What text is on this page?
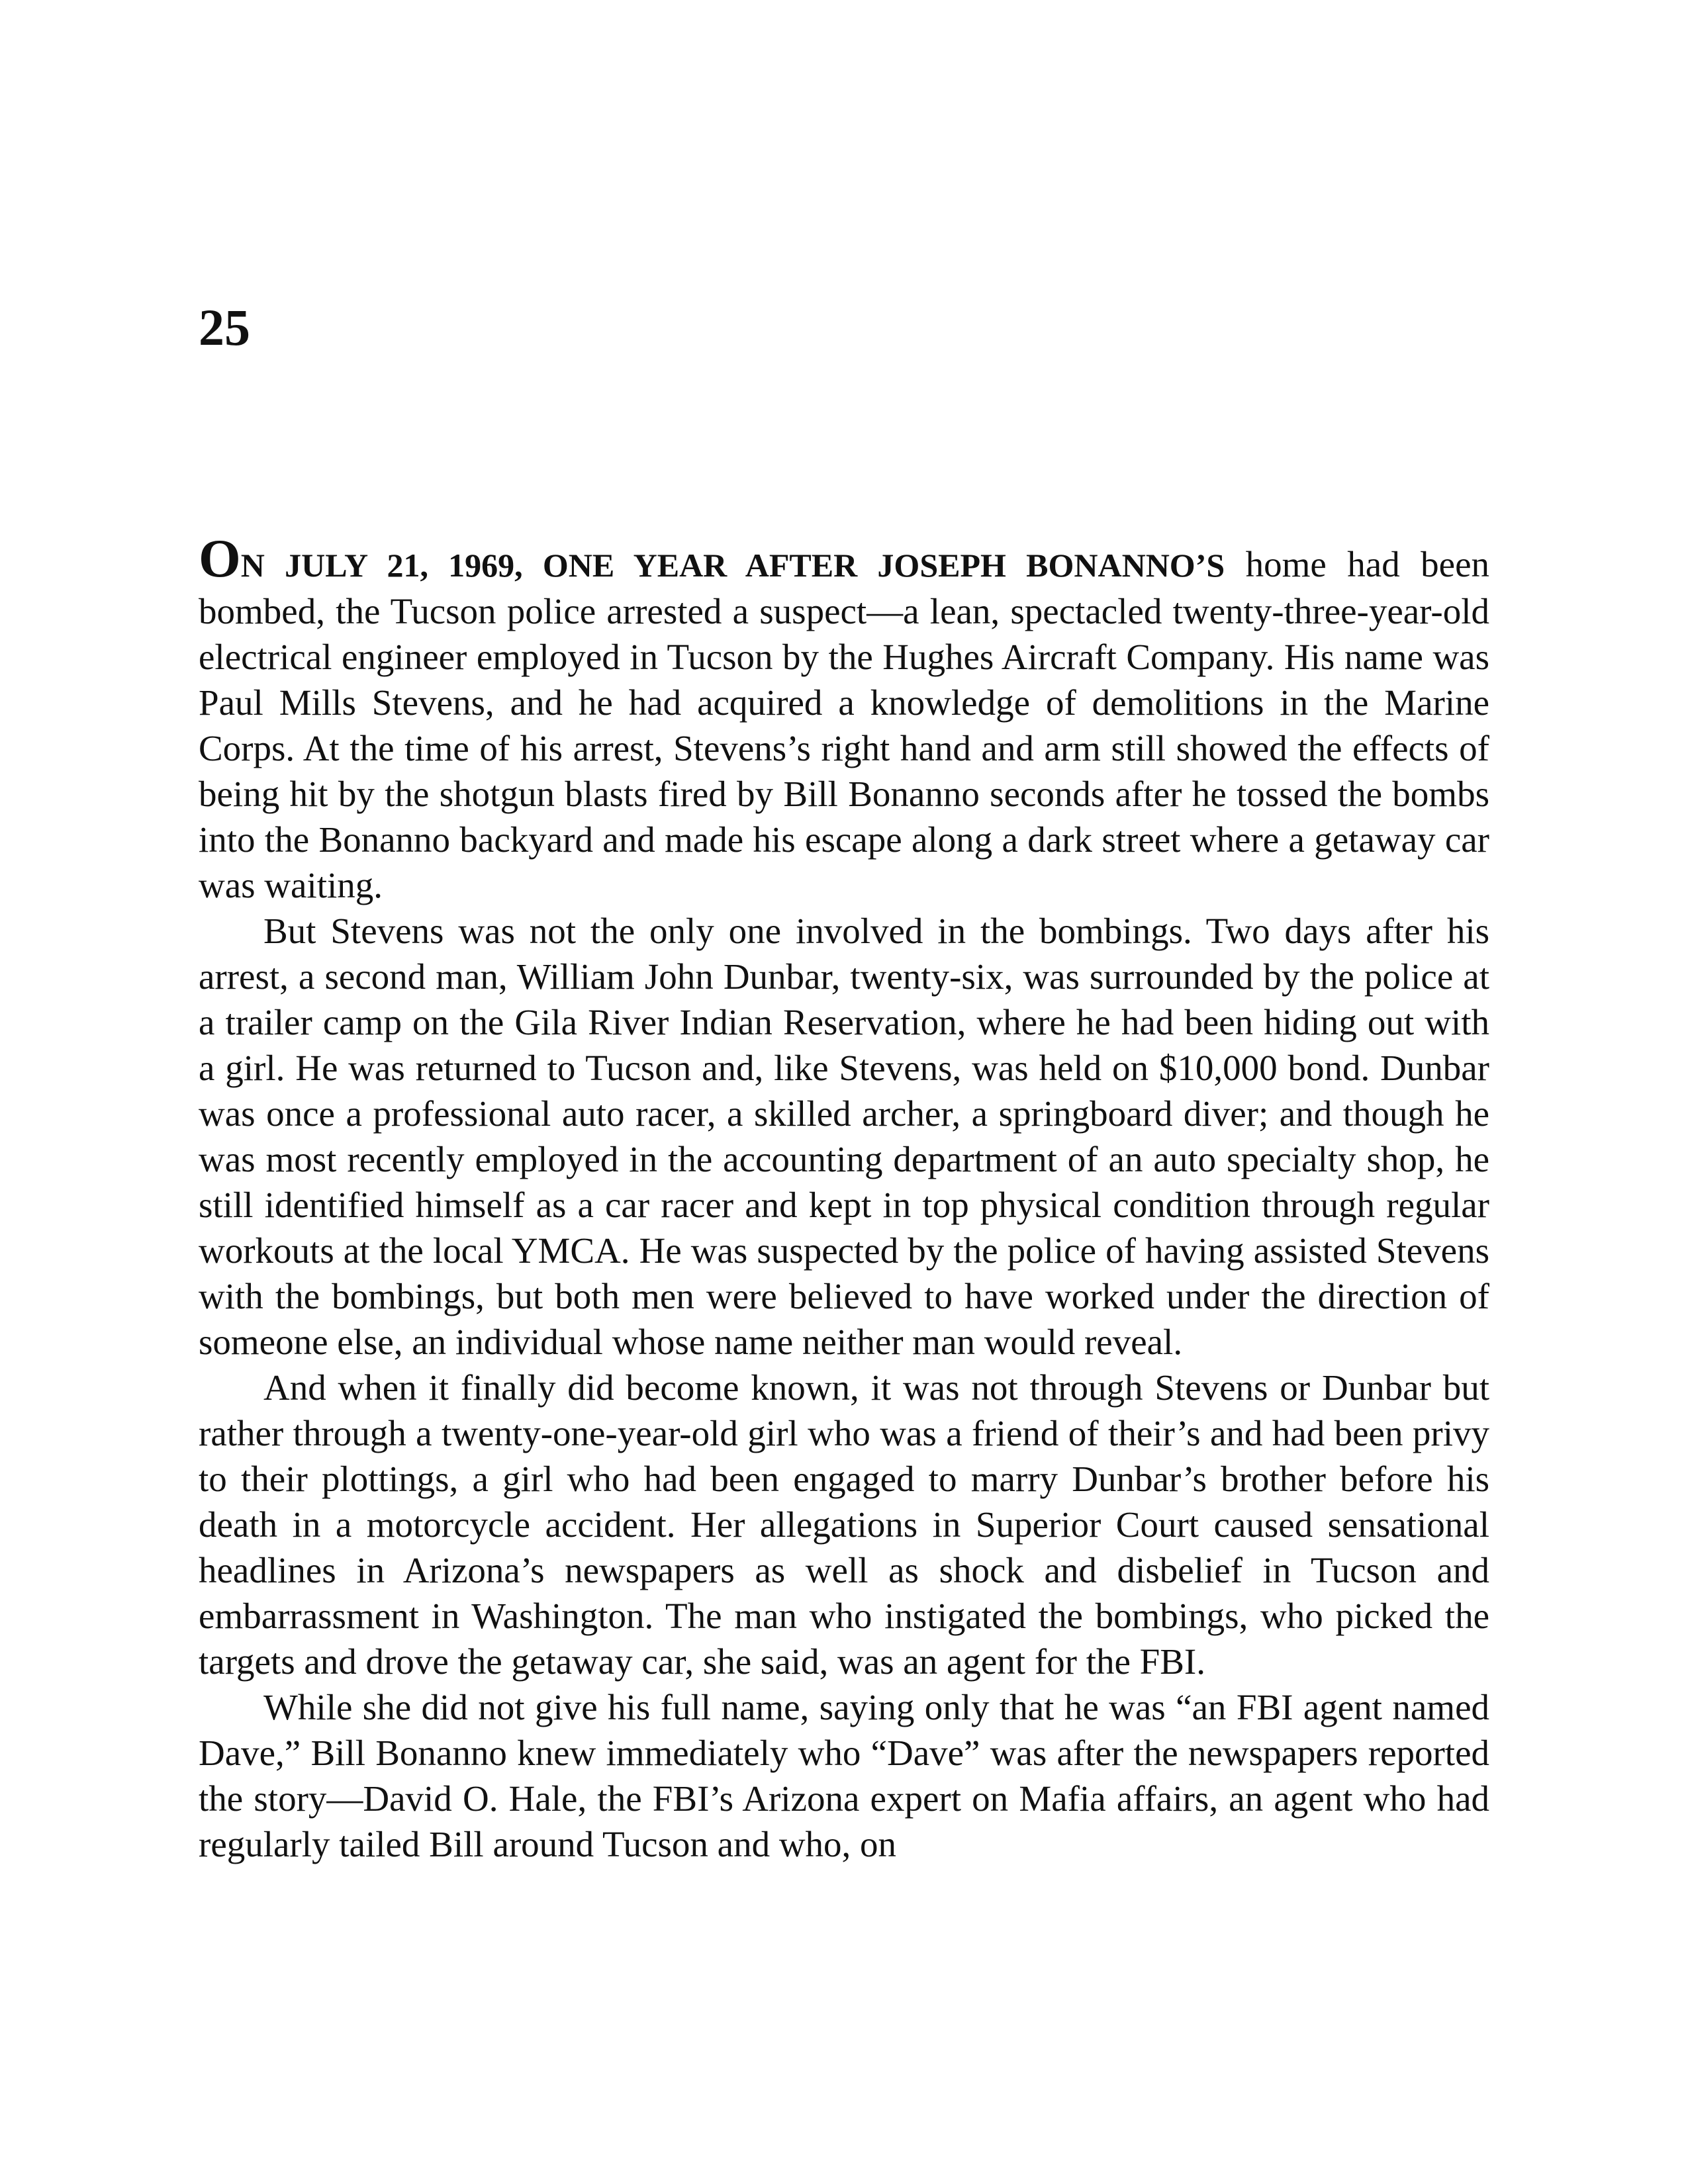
25

ON JULY 21, 1969, ONE YEAR AFTER JOSEPH BONANNO’S home had been bombed, the Tucson police arrested a suspect—a lean, spectacled twenty-three-year-old electrical engineer employed in Tucson by the Hughes Aircraft Company. His name was Paul Mills Stevens, and he had acquired a knowledge of demolitions in the Marine Corps. At the time of his arrest, Stevens’s right hand and arm still showed the effects of being hit by the shotgun blasts fired by Bill Bonanno seconds after he tossed the bombs into the Bonanno backyard and made his escape along a dark street where a getaway car was waiting.

But Stevens was not the only one involved in the bombings. Two days after his arrest, a second man, William John Dunbar, twenty-six, was surrounded by the police at a trailer camp on the Gila River Indian Reservation, where he had been hiding out with a girl. He was returned to Tucson and, like Stevens, was held on $10,000 bond. Dunbar was once a professional auto racer, a skilled archer, a springboard diver; and though he was most recently employed in the accounting department of an auto specialty shop, he still identified himself as a car racer and kept in top physical condition through regular workouts at the local YMCA. He was suspected by the police of having assisted Stevens with the bombings, but both men were believed to have worked under the direction of someone else, an individual whose name neither man would reveal.

And when it finally did become known, it was not through Stevens or Dunbar but rather through a twenty-one-year-old girl who was a friend of their’s and had been privy to their plottings, a girl who had been engaged to marry Dunbar’s brother before his death in a motorcycle accident. Her allegations in Superior Court caused sensational headlines in Arizona’s newspapers as well as shock and disbelief in Tucson and embarrassment in Washington. The man who instigated the bombings, who picked the targets and drove the getaway car, she said, was an agent for the FBI.

While she did not give his full name, saying only that he was “an FBI agent named Dave,” Bill Bonanno knew immediately who “Dave” was after the newspapers reported the story—David O. Hale, the FBI’s Arizona expert on Mafia affairs, an agent who had regularly tailed Bill around Tucson and who, on
